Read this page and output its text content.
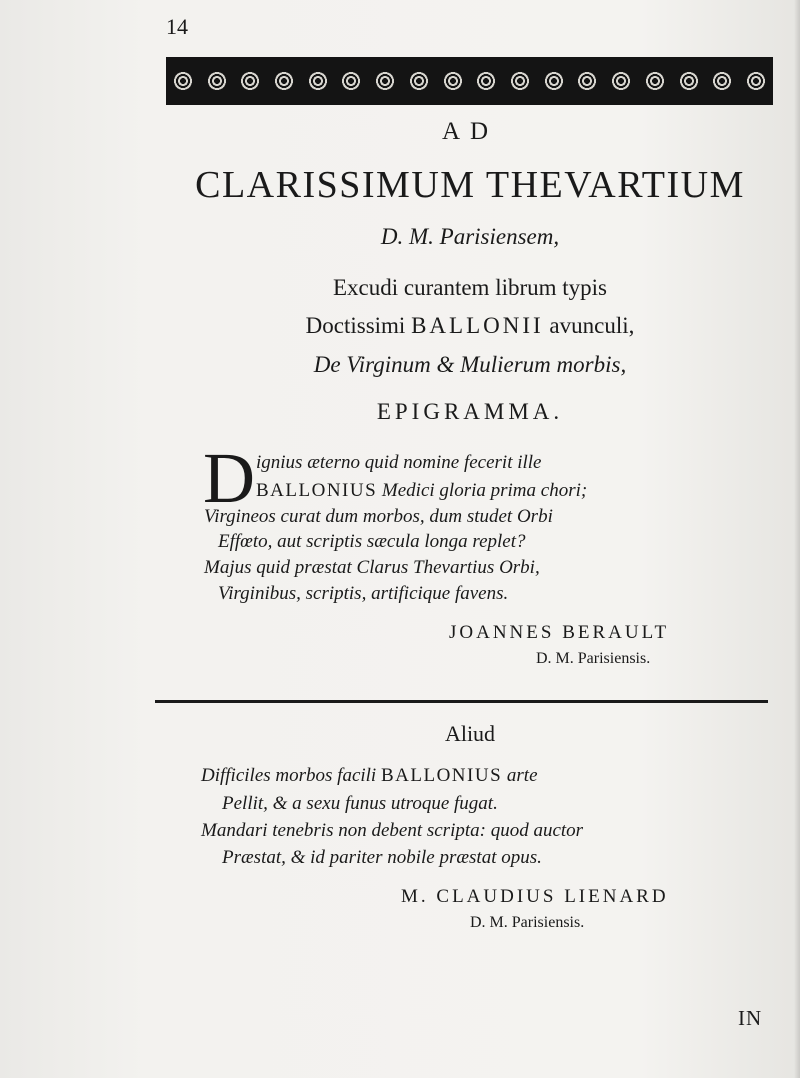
14
AD
CLARISSIMUM THEVARTIUM
D. M. Parisiensem,
Excudi curantem librum typis
Doctissimi BALLONII avunculi,
De Virginum & Mulierum morbis,
EPIGRAMMA.
D ignius æterno quid nomine fecerit ille
BALLONIUS Medici gloria prima chori;
Virgineos curat dum morbos, dum studet Orbi
Effœto, aut scriptis sæcula longa replet?
Majus quid præstat Clarus Thevartius Orbi,
Virginibus, scriptis, artificique favens.
JOANNES BERAULT
D. M. Parisiensis.
Aliud
Difficiles morbos facili BALLONIUS arte
Pellit, & a sexu funus utroque fugat.
Mandari tenebris non debent scripta: quod auctor
Præstat, & id pariter nobile præstat opus.
M. CLAUDIUS LIENARD
D. M. Parisiensis.
IN
